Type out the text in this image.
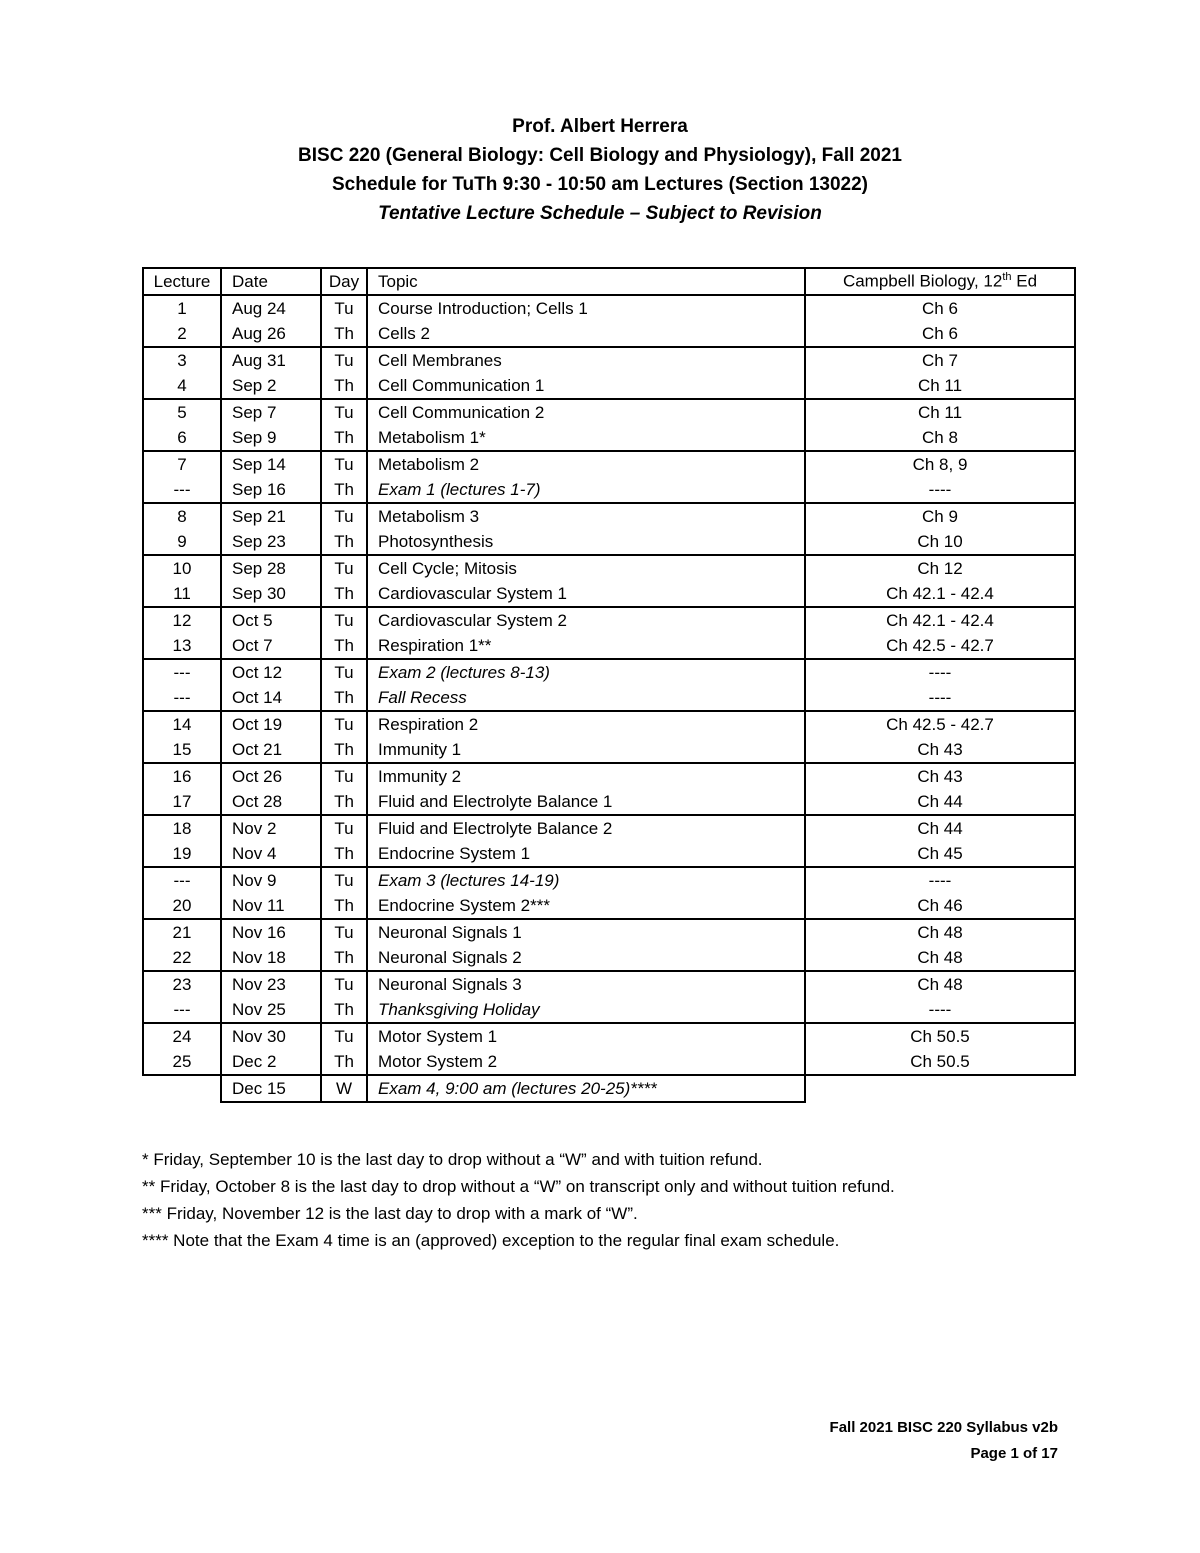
Prof. Albert Herrera
BISC 220 (General Biology: Cell Biology and Physiology), Fall 2021
Schedule for TuTh 9:30 - 10:50 am Lectures (Section 13022)
Tentative Lecture Schedule – Subject to Revision
Lecture	Date	Day	Topic	Campbell Biology, 12th Ed
1	Aug 24	Tu	Course Introduction; Cells 1	Ch 6
2	Aug 26	Th	Cells 2	Ch 6
3	Aug 31	Tu	Cell Membranes	Ch 7
4	Sep 2	Th	Cell Communication 1	Ch 11
5	Sep 7	Tu	Cell Communication 2	Ch 11
6	Sep 9	Th	Metabolism 1*	Ch 8
7	Sep 14	Tu	Metabolism 2	Ch 8, 9
---	Sep 16	Th	Exam 1 (lectures 1-7)	----
8	Sep 21	Tu	Metabolism 3	Ch 9
9	Sep 23	Th	Photosynthesis	Ch 10
10	Sep 28	Tu	Cell Cycle; Mitosis	Ch 12
11	Sep 30	Th	Cardiovascular System 1	Ch 42.1 - 42.4
12	Oct 5	Tu	Cardiovascular System 2	Ch 42.1 - 42.4
13	Oct 7	Th	Respiration 1**	Ch 42.5 - 42.7
---	Oct 12	Tu	Exam 2 (lectures 8-13)	----
---	Oct 14	Th	Fall Recess	----
14	Oct 19	Tu	Respiration 2	Ch 42.5 - 42.7
15	Oct 21	Th	Immunity 1	Ch 43
16	Oct 26	Tu	Immunity 2	Ch 43
17	Oct 28	Th	Fluid and Electrolyte Balance 1	Ch 44
18	Nov 2	Tu	Fluid and Electrolyte Balance 2	Ch 44
19	Nov 4	Th	Endocrine System 1	Ch 45
---	Nov 9	Tu	Exam 3 (lectures 14-19)	----
20	Nov 11	Th	Endocrine System 2***	Ch 46
21	Nov 16	Tu	Neuronal Signals 1	Ch 48
22	Nov 18	Th	Neuronal Signals 2	Ch 48
23	Nov 23	Tu	Neuronal Signals 3	Ch 48
---	Nov 25	Th	Thanksgiving Holiday	----
24	Nov 30	Tu	Motor System 1	Ch 50.5
25	Dec 2	Th	Motor System 2	Ch 50.5
	Dec 15	W	Exam 4, 9:00 am (lectures 20-25)****	
* Friday, September 10 is the last day to drop without a “W” and with tuition refund.
** Friday, October 8 is the last day to drop without a “W” on transcript only and without tuition refund.
*** Friday, November 12 is the last day to drop with a mark of “W”.
**** Note that the Exam 4 time is an (approved) exception to the regular final exam schedule.
Fall 2021 BISC 220 Syllabus v2b
Page 1 of 17
